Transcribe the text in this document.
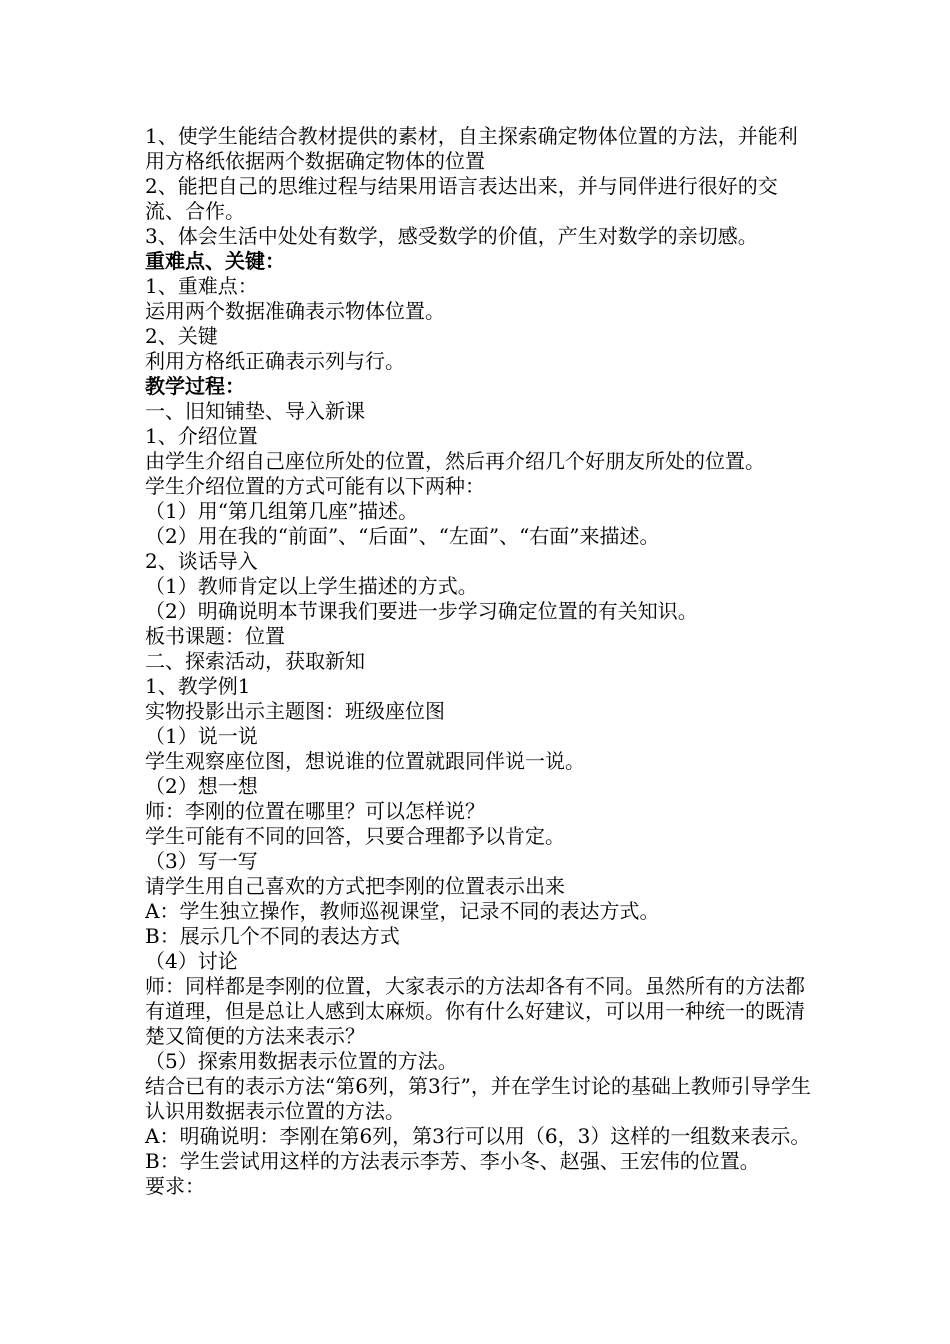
1、使学生能结合教材提供的素材，自主探索确定物体位置的方法，并能利用方格纸依据两个数据确定物体的位置
2、能把自己的思维过程与结果用语言表达出来，并与同伴进行很好的交流、合作。
3、体会生活中处处有数学，感受数学的价值，产生对数学的亲切感。
重难点、关键：
1、重难点：
运用两个数据准确表示物体位置。
2、关键
利用方格纸正确表示列与行。
教学过程：
一、旧知铺垫、导入新课
1、介绍位置
由学生介绍自己座位所处的位置，然后再介绍几个好朋友所处的位置。
学生介绍位置的方式可能有以下两种：
（1）用“第几组第几座”描述。
（2）用在我的“前面”、“后面”、“左面”、“右面”来描述。
2、谈话导入
（1）教师肯定以上学生描述的方式。
（2）明确说明本节课我们要进一步学习确定位置的有关知识。
板书课题：位置
二、探索活动，获取新知
1、教学例1
实物投影出示主题图：班级座位图
（1）说一说
学生观察座位图，想说谁的位置就跟同伴说一说。
（2）想一想
师：李刚的位置在哪里？可以怎样说？
学生可能有不同的回答，只要合理都予以肯定。
（3）写一写
请学生用自己喜欢的方式把李刚的位置表示出来
A：学生独立操作，教师巡视课堂，记录不同的表达方式。
B：展示几个不同的表达方式
（4）讨论
师：同样都是李刚的位置，大家表示的方法却各有不同。虽然所有的方法都有道理，但是总让人感到太麻烦。你有什么好建议，可以用一种统一的既清楚又简便的方法来表示？
（5）探索用数据表示位置的方法。
结合已有的表示方法“第6列，第3行”，并在学生讨论的基础上教师引导学生认识用数据表示位置的方法。
A：明确说明：李刚在第6列，第3行可以用（6，3）这样的一组数来表示。
B：学生尝试用这样的方法表示李芳、李小冬、赵强、王宏伟的位置。
要求：
